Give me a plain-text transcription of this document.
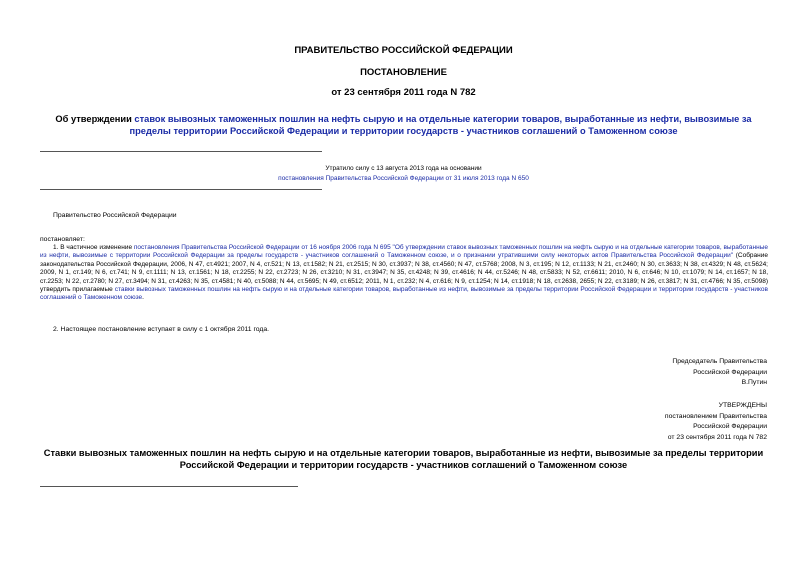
ПРАВИТЕЛЬСТВО РОССИЙСКОЙ ФЕДЕРАЦИИ
ПОСТАНОВЛЕНИЕ
от 23 сентября 2011 года N 782
Об утверждении ставок вывозных таможенных пошлин на нефть сырую и на отдельные категории товаров, выработанные из нефти, вывозимые за пределы территории Российской Федерации и территории государств - участников соглашений о Таможенном союзе
Утратило силу с 13 августа 2013 года на основании
постановления Правительства Российской Федерации от 31 июля 2013 года N 650
Правительство Российской Федерации
постановляет:
1. В частичное изменение постановления Правительства Российской Федерации от 16 ноября 2006 года N 695 "Об утверждении ставок вывозных таможенных пошлин на нефть сырую и на отдельные категории товаров, выработанные из нефти, вывозимые с территории Российской Федерации за пределы государств - участников соглашений о Таможенном союзе, и о признании утратившими силу некоторых актов Правительства Российской Федерации" (Собрание законодательства Российской Федерации, 2006, N 47, ст.4921; 2007, N 4, ст.521; N 13, ст.1582; N 21, ст.2515; N 30, ст.3937; N 38, ст.4560; N 47, ст.5768; 2008, N 3, ст.195; N 12, ст.1133; N 21, ст.2460; N 30, ст.3633; N 38, ст.4329; N 48, ст.5624; 2009, N 1, ст.149; N 6, ст.741; N 9, ст.1111; N 13, ст.1561; N 18, ст.2255; N 22, ст.2723; N 26, ст.3210; N 31, ст.3947; N 35, ст.4248; N 39, ст.4616; N 44, ст.5246; N 48, ст.5833; N 52, ст.6611; 2010, N 6, ст.646; N 10, ст.1079; N 14, ст.1657; N 18, ст.2253; N 22, ст.2780; N 27, ст.3494; N 31, ст.4263; N 35, ст.4581; N 40, ст.5088; N 44, ст.5695; N 49, ст.6512; 2011, N 1, ст.232; N 4, ст.616; N 9, ст.1254; N 14, ст.1918; N 18, ст.2638, 2655; N 22, ст.3189; N 26, ст.3817; N 31, ст.4766; N 35, ст.5098) утвердить прилагаемые ставки вывозных таможенных пошлин на нефть сырую и на отдельные категории товаров, выработанные из нефти, вывозимые за пределы территории Российской Федерации и территории государств - участников соглашений о Таможенном союзе.
2. Настоящее постановление вступает в силу с 1 октября 2011 года.
Председатель Правительства
Российской Федерации
В.Путин
УТВЕРЖДЕНЫ
постановлением Правительства
Российской Федерации
от 23 сентября 2011 года N 782
Ставки вывозных таможенных пошлин на нефть сырую и на отдельные категории товаров, выработанные из нефти, вывозимые за пределы территории Российской Федерации и территории государств - участников соглашений о Таможенном союзе
